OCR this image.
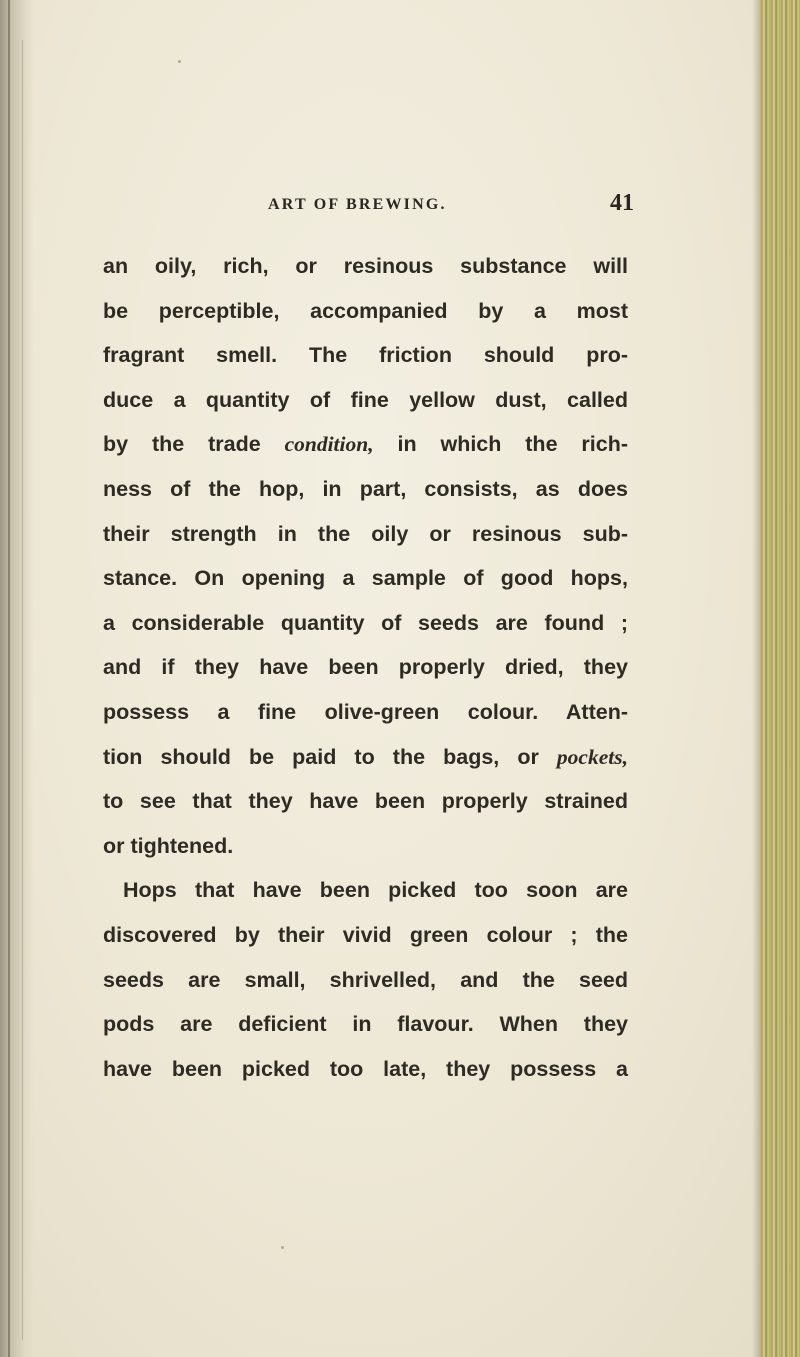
ART OF BREWING.	41
an oily, rich, or resinous substance will
be perceptible, accompanied by a most
fragrant smell. The friction should pro-
duce a quantity of fine yellow dust, called
by the trade condition, in which the rich-
ness of the hop, in part, consists, as does
their strength in the oily or resinous sub-
stance. On opening a sample of good hops,
a considerable quantity of seeds are found ;
and if they have been properly dried, they
possess a fine olive-green colour. Atten-
tion should be paid to the bags, or pockets,
to see that they have been properly strained
or tightened.
Hops that have been picked too soon are
discovered by their vivid green colour ; the
seeds are small, shrivelled, and the seed
pods are deficient in flavour. When they
have been picked too late, they possess a
